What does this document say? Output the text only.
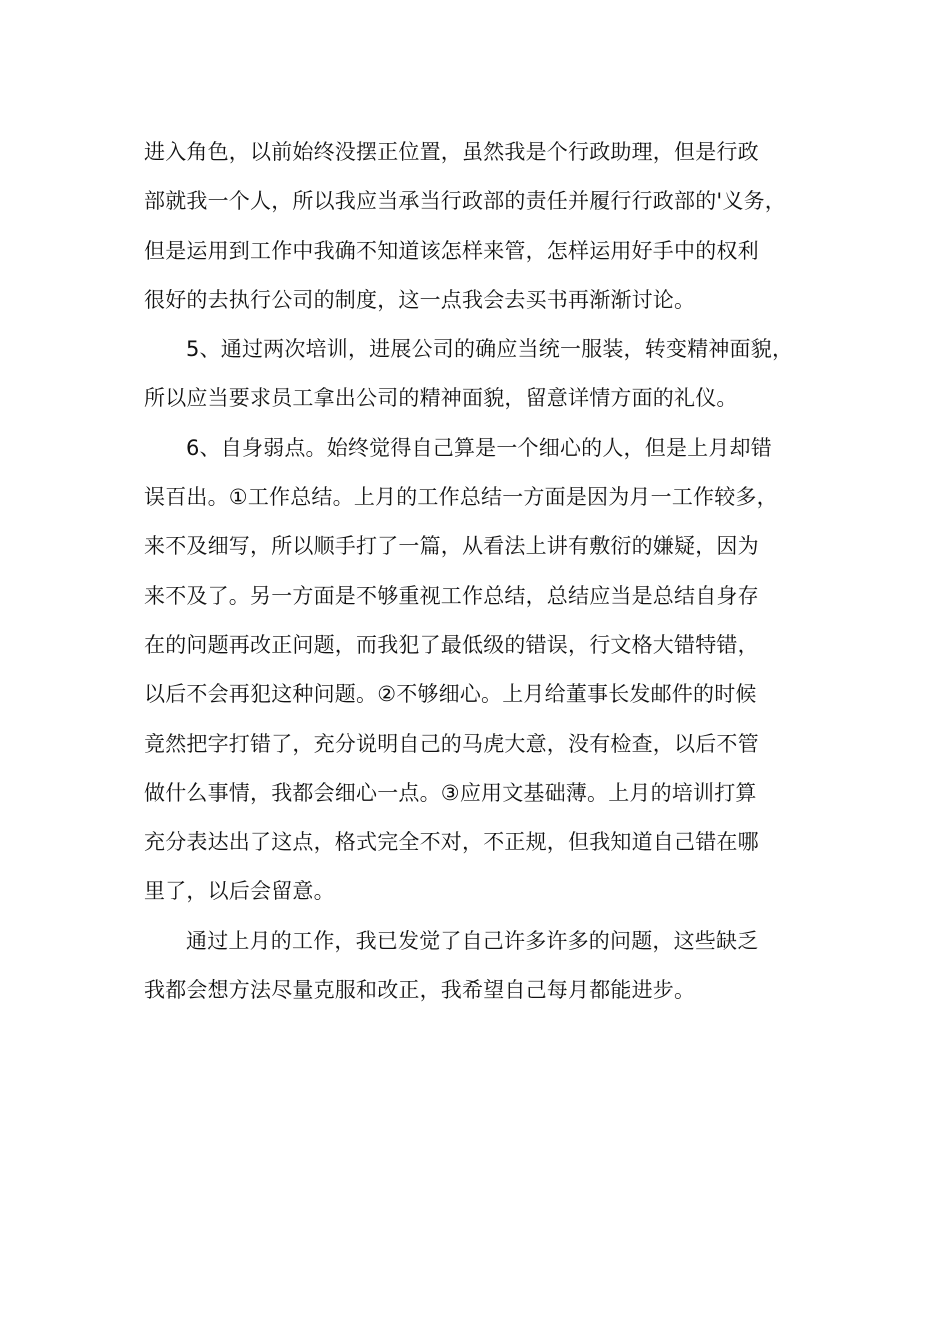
进入角色，以前始终没摆正位置，虽然我是个行政助理，但是行政
部就我一个人，所以我应当承当行政部的责任并履行行政部的'义务，
但是运用到工作中我确不知道该怎样来管，怎样运用好手中的权利
很好的去执行公司的制度，这一点我会去买书再渐渐讨论。
5、通过两次培训，进展公司的确应当统一服装，转变精神面貌，
所以应当要求员工拿出公司的精神面貌，留意详情方面的礼仪。
6、自身弱点。始终觉得自己算是一个细心的人，但是上月却错
误百出。①工作总结。上月的工作总结一方面是因为月一工作较多，
来不及细写，所以顺手打了一篇，从看法上讲有敷衍的嫌疑，因为
来不及了。另一方面是不够重视工作总结，总结应当是总结自身存
在的问题再改正问题，而我犯了最低级的错误，行文格大错特错，
以后不会再犯这种问题。②不够细心。上月给董事长发邮件的时候
竟然把字打错了，充分说明自己的马虎大意，没有检查，以后不管
做什么事情，我都会细心一点。③应用文基础薄。上月的培训打算
充分表达出了这点，格式完全不对，不正规，但我知道自己错在哪
里了，以后会留意。
通过上月的工作，我已发觉了自己许多许多的问题，这些缺乏
我都会想方法尽量克服和改正，我希望自己每月都能进步。
